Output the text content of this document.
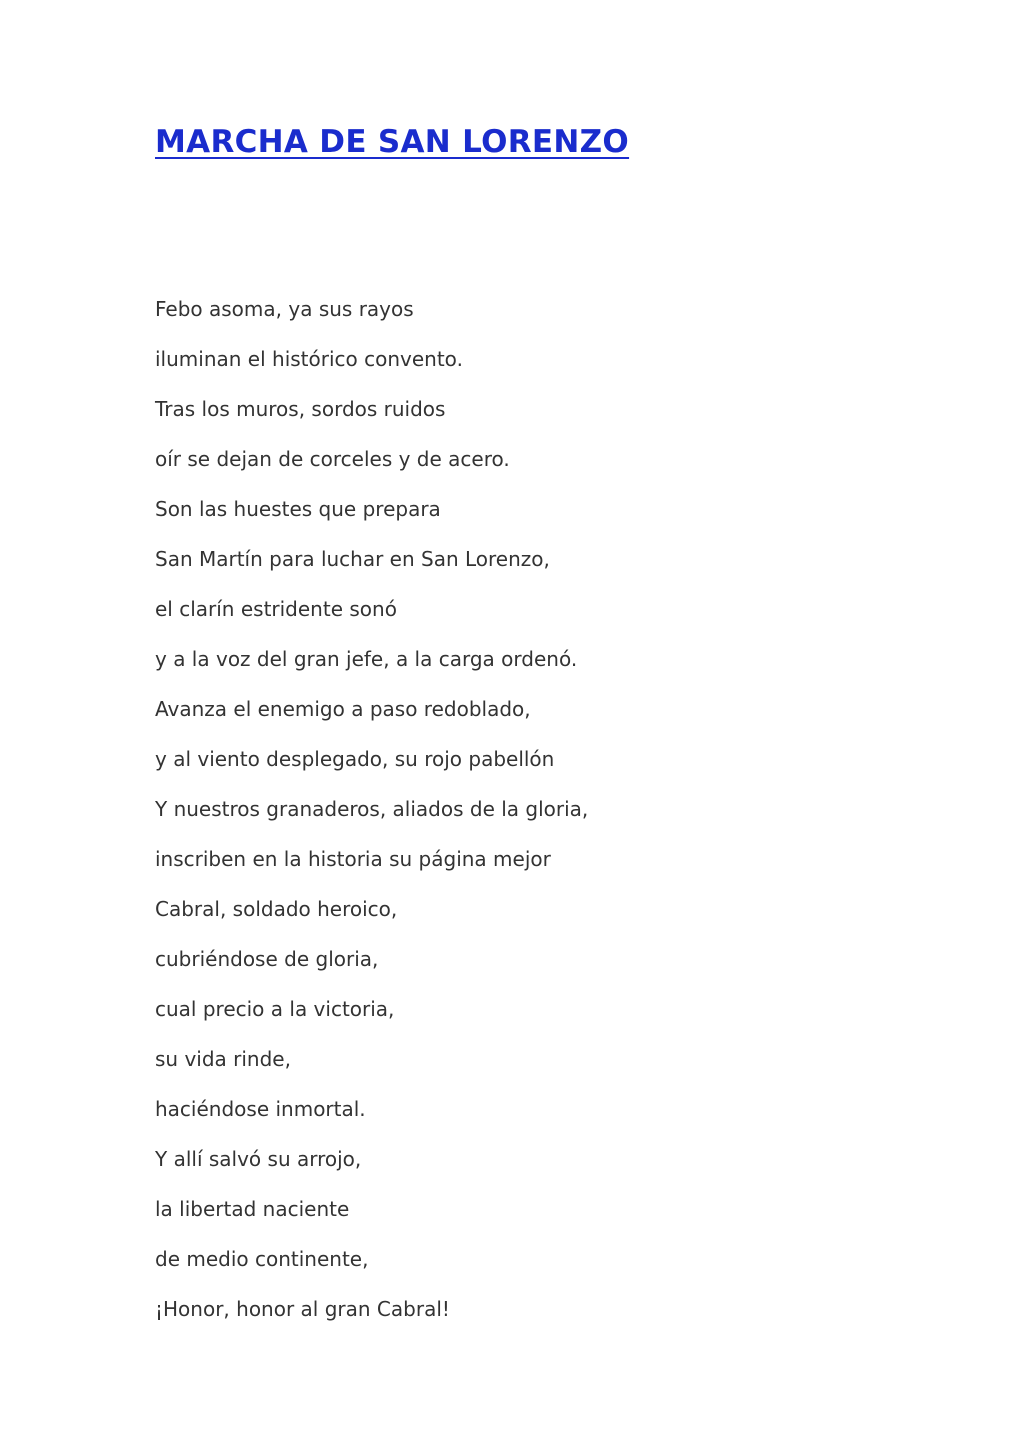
MARCHA DE SAN LORENZO
Febo asoma, ya sus rayos
iluminan el histórico convento.
Tras los muros, sordos ruidos
oír se dejan de corceles y de acero.
Son las huestes que prepara
San Martín para luchar en San Lorenzo,
el clarín estridente sonó
y a la voz del gran jefe, a la carga ordenó.
Avanza el enemigo a paso redoblado,
y al viento desplegado, su rojo pabellón
Y nuestros granaderos, aliados de la gloria,
inscriben en la historia su página mejor
Cabral, soldado heroico,
cubriéndose de gloria,
cual precio a la victoria,
su vida rinde,
haciéndose inmortal.
Y allí salvó su arrojo,
la libertad naciente
de medio continente,
¡Honor, honor al gran Cabral!
